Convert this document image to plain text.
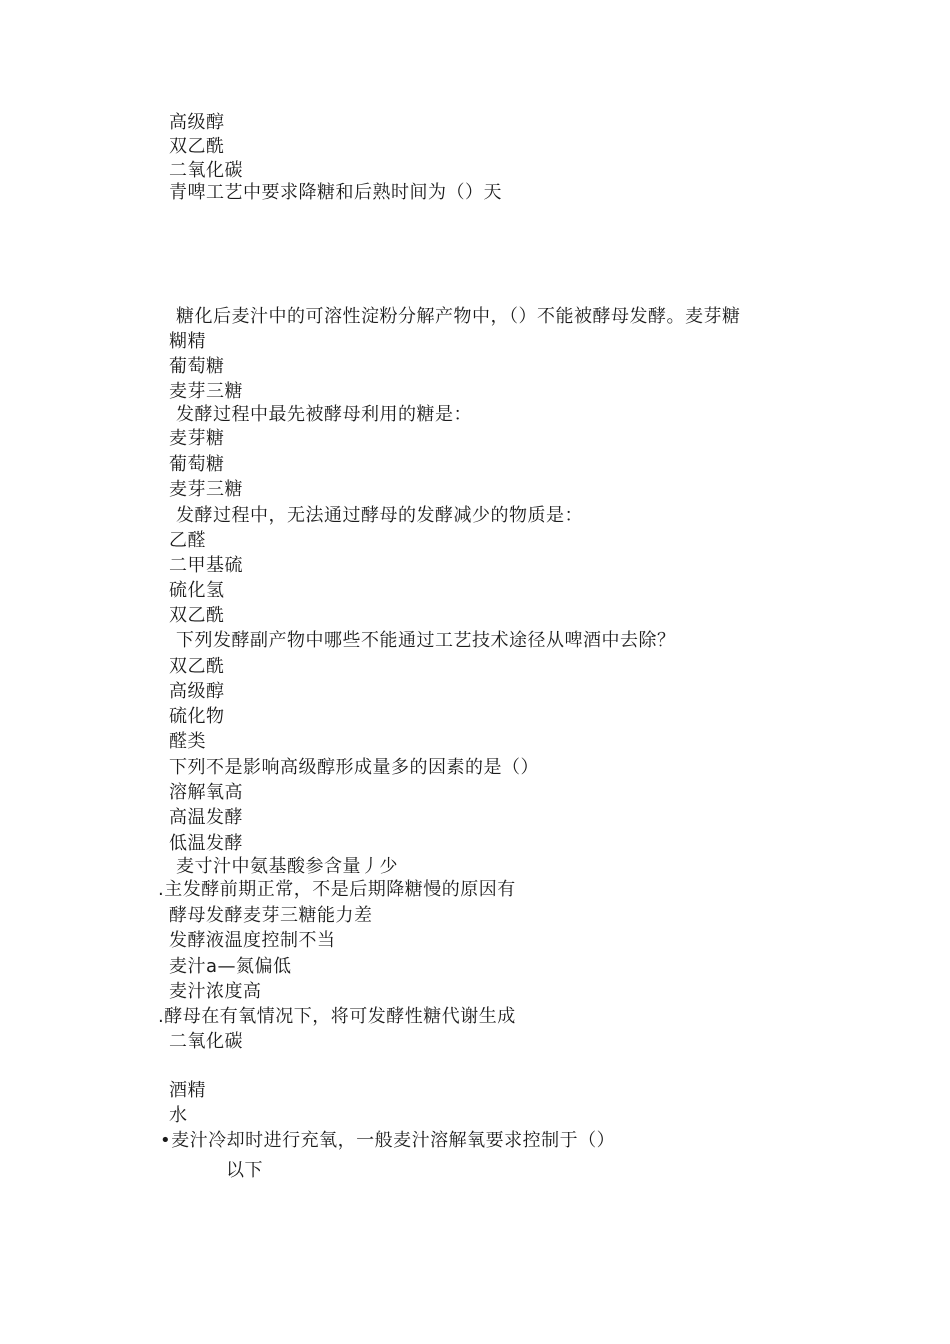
高级醇
双乙酰
二氧化碳
青啤工艺中要求降糖和后熟时间为（）天
糖化后麦汁中的可溶性淀粉分解产物中，（）不能被酵母发酵。麦芽糖
糊精
葡萄糖
麦芽三糖
发酵过程中最先被酵母利用的糖是：
麦芽糖
葡萄糖
麦芽三糖
发酵过程中，无法通过酵母的发酵减少的物质是：
乙醛
二甲基硫
硫化氢
双乙酰
下列发酵副产物中哪些不能通过工艺技术途径从啤酒中去除？
双乙酰
高级醇
硫化物
醛类
下列不是影响高级醇形成量多的因素的是（）
溶解氧高
高温发酵
低温发酵
麦寸汁中氨基酸参含量丿少
.主发酵前期正常，不是后期降糖慢的原因有
酵母发酵麦芽三糖能力差
发酵液温度控制不当
麦汁a—氮偏低
麦汁浓度高
.酵母在有氧情况下，将可发酵性糖代谢生成
二氧化碳
酒精
水
•麦汁冷却时进行充氧，一般麦汁溶解氧要求控制于（）
以下
